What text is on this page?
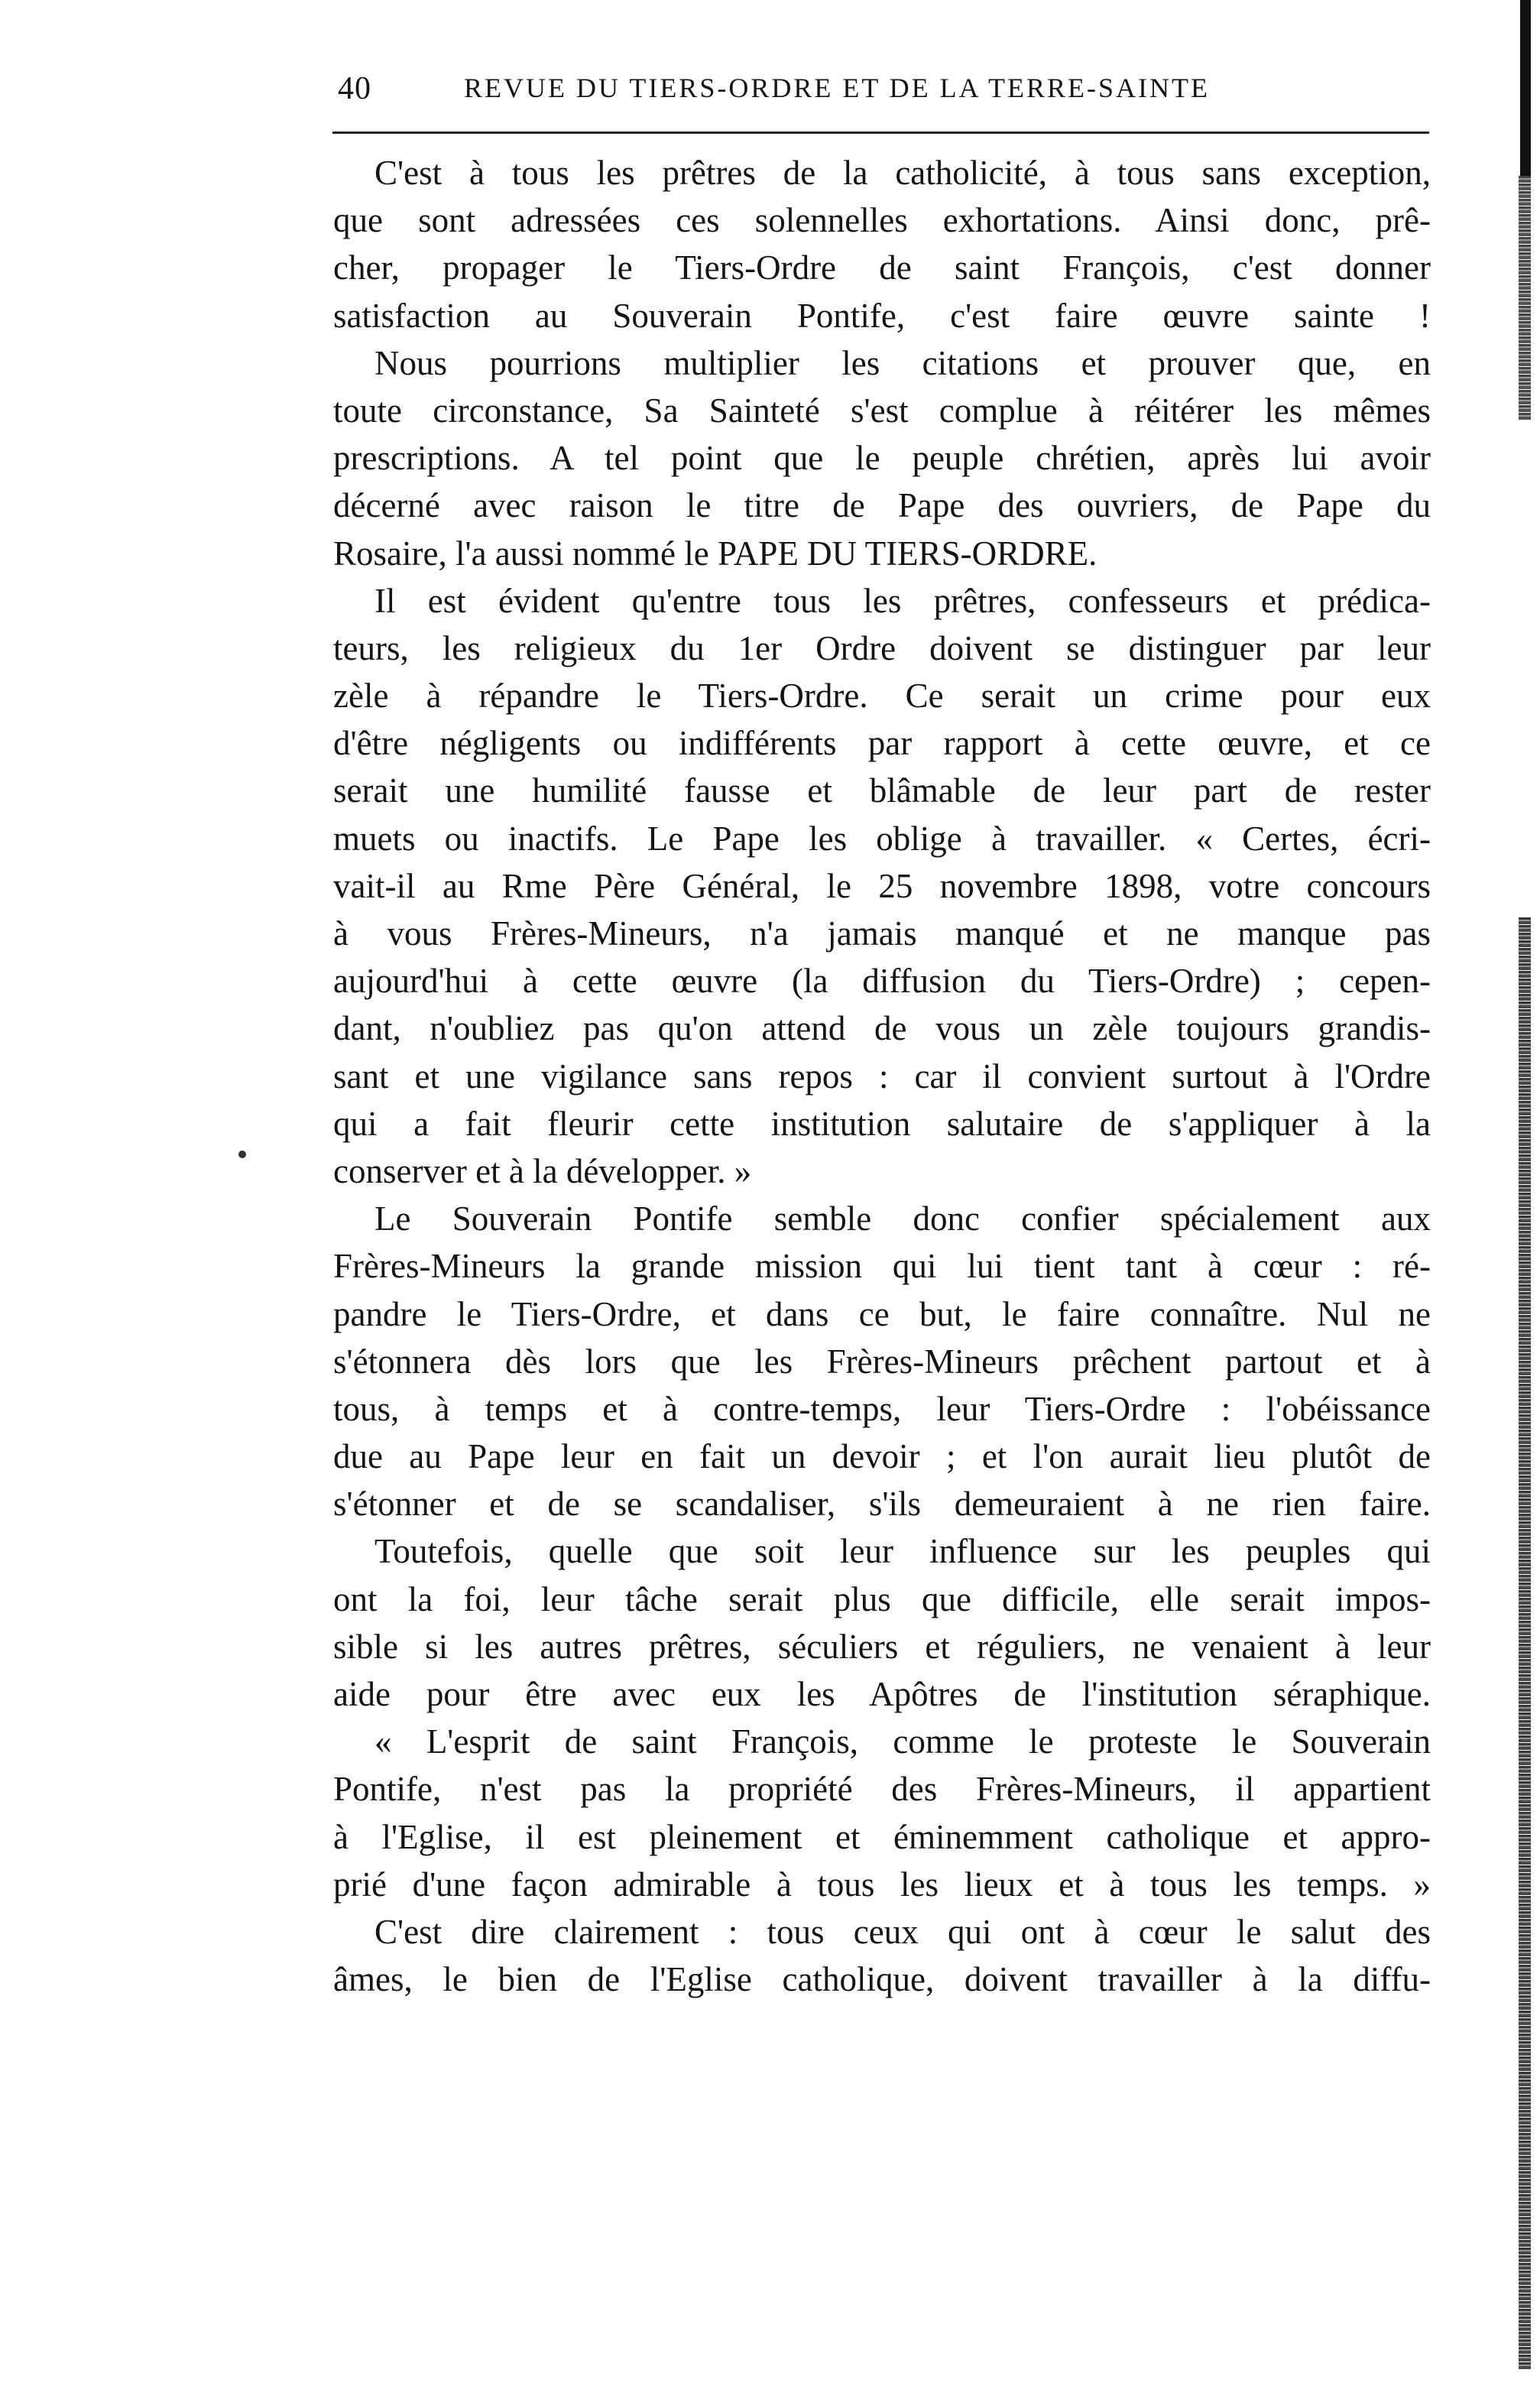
40	REVUE DU TIERS-ORDRE ET DE LA TERRE-SAINTE
C'est à tous les prêtres de la catholicité, à tous sans exception,
que sont adressées ces solennelles exhortations. Ainsi donc, prê-
cher, propager le Tiers-Ordre de saint François, c'est donner
satisfaction au Souverain Pontife, c'est faire œuvre sainte !
Nous pourrions multiplier les citations et prouver que, en
toute circonstance, Sa Sainteté s'est complue à réitérer les mêmes
prescriptions. A tel point que le peuple chrétien, après lui avoir
décerné avec raison le titre de Pape des ouvriers, de Pape du
Rosaire, l'a aussi nommé le PAPE DU TIERS-ORDRE.
Il est évident qu'entre tous les prêtres, confesseurs et prédica-
teurs, les religieux du 1er Ordre doivent se distinguer par leur
zèle à répandre le Tiers-Ordre. Ce serait un crime pour eux
d'être négligents ou indifférents par rapport à cette œuvre, et ce
serait une humilité fausse et blâmable de leur part de rester
muets ou inactifs. Le Pape les oblige à travailler. « Certes, écri-
vait-il au Rme Père Général, le 25 novembre 1898, votre concours
à vous Frères-Mineurs, n'a jamais manqué et ne manque pas
aujourd'hui à cette œuvre (la diffusion du Tiers-Ordre) ; cepen-
dant, n'oubliez pas qu'on attend de vous un zèle toujours grandis-
sant et une vigilance sans repos : car il convient surtout à l'Ordre
qui a fait fleurir cette institution salutaire de s'appliquer à la
conserver et à la développer. »
Le Souverain Pontife semble donc confier spécialement aux
Frères-Mineurs la grande mission qui lui tient tant à cœur : ré-
pandre le Tiers-Ordre, et dans ce but, le faire connaître. Nul ne
s'étonnera dès lors que les Frères-Mineurs prêchent partout et à
tous, à temps et à contre-temps, leur Tiers-Ordre : l'obéissance
due au Pape leur en fait un devoir ; et l'on aurait lieu plutôt de
s'étonner et de se scandaliser, s'ils demeuraient à ne rien faire.
Toutefois, quelle que soit leur influence sur les peuples qui
ont la foi, leur tâche serait plus que difficile, elle serait impos-
sible si les autres prêtres, séculiers et réguliers, ne venaient à leur
aide pour être avec eux les Apôtres de l'institution séraphique.
« L'esprit de saint François, comme le proteste le Souverain
Pontife, n'est pas la propriété des Frères-Mineurs, il appartient
à l'Eglise, il est pleinement et éminemment catholique et appro-
prié d'une façon admirable à tous les lieux et à tous les temps. »
C'est dire clairement : tous ceux qui ont à cœur le salut des
âmes, le bien de l'Eglise catholique, doivent travailler à la diffu-
